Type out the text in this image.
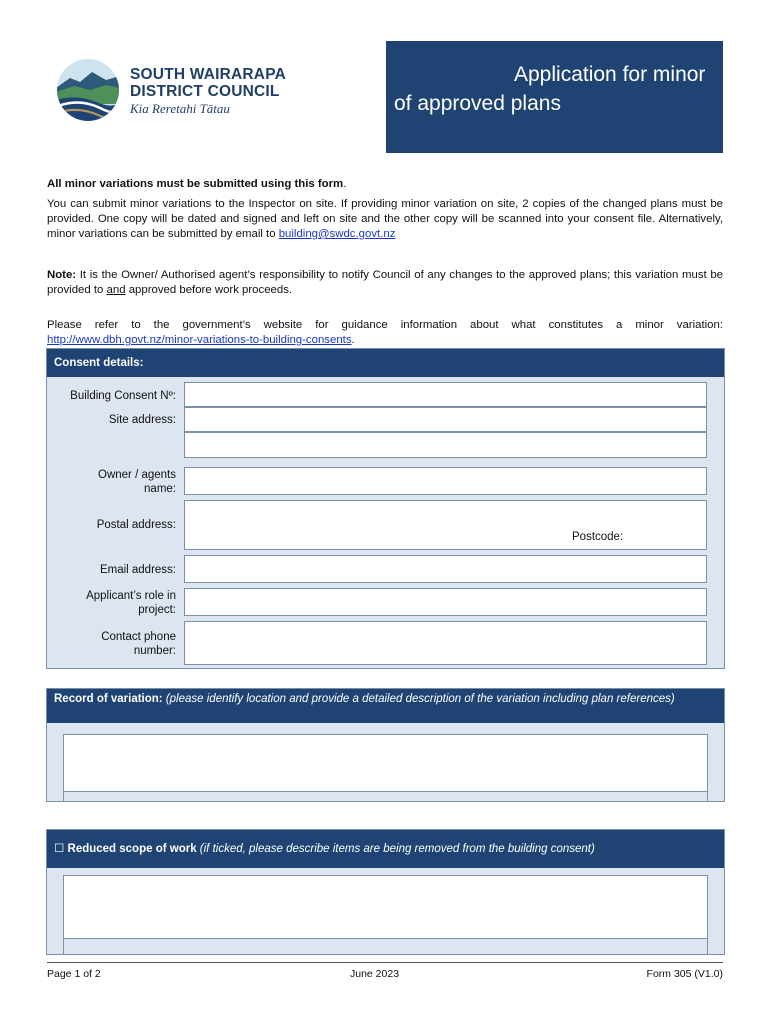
SOUTH WAIRARAPA
DISTRICT COUNCIL
Kia Reretahi Tātau
Application for minor
of approved plans
All minor variations must be submitted using this form.
You can submit minor variations to the Inspector on site. If providing minor variation on site, 2 copies of the changed plans must be provided. One copy will be dated and signed and left on site and the other copy will be scanned into your consent file. Alternatively, minor variations can be submitted by email to building@swdc.govt.nz
Note: It is the Owner/ Authorised agent’s responsibility to notify Council of any changes to the approved plans; this variation must be provided to and approved before work proceeds.
Please refer to the government’s website for guidance information about what constitutes a minor variation: http://www.dbh.govt.nz/minor-variations-to-building-consents.
Consent details:
Building Consent Nº:
Site address:
Owner / agents
name:
Postal address:
Postcode:
Email address:
Applicant’s role in
project:
Contact phone
number:
Record of variation: (please identify location and provide a detailed description of the variation including plan references)
☐ Reduced scope of work (if ticked, please describe items are being removed from the building consent)
Page 1 of 2	June 2023	Form 305 (V1.0)
